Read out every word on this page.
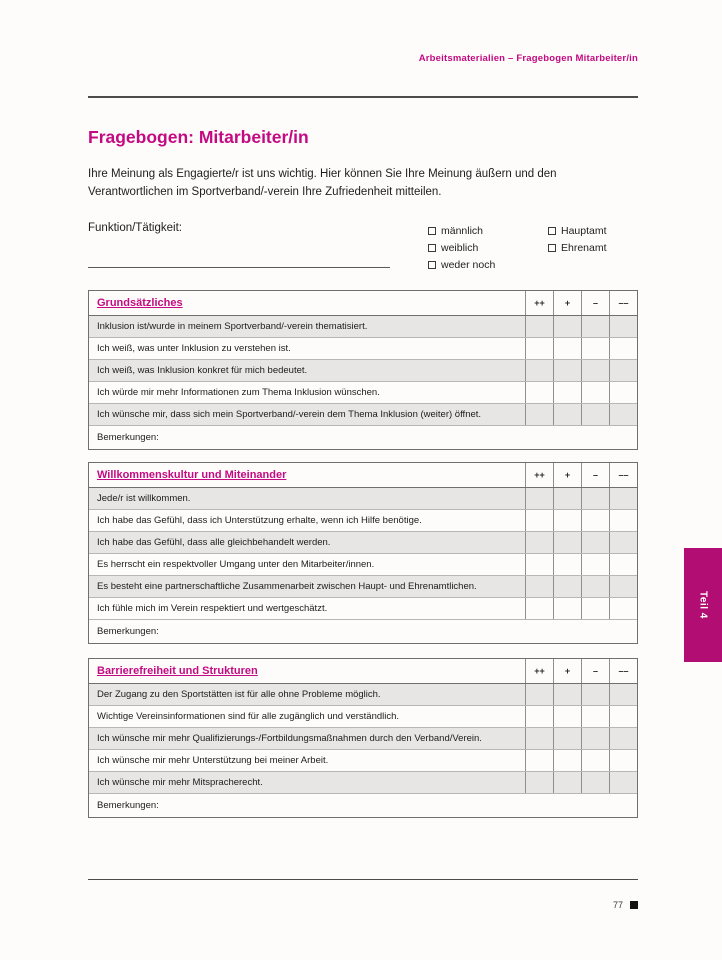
Arbeitsmaterialien – Fragebogen Mitarbeiter/in
Fragebogen: Mitarbeiter/in

Ihre Meinung als Engagierte/r ist uns wichtig. Hier können Sie Ihre Meinung äußern und den Verantwortlichen im Sportverband/-verein Ihre Zufriedenheit mitteilen.

Funktion/Tätigkeit:	männlich
weiblich
weder noch
Hauptamt
Ehrenamt
Grundsätzliches	++	+	–	––
Inklusion ist/wurde in meinem Sportverband/-verein thematisiert.
Ich weiß, was unter Inklusion zu verstehen ist.
Ich weiß, was Inklusion konkret für mich bedeutet.
Ich würde mir mehr Informationen zum Thema Inklusion wünschen.
Ich wünsche mir, dass sich mein Sportverband/-verein dem Thema Inklusion (weiter) öffnet.
Bemerkungen:
Willkommenskultur und Miteinander	++	+	–	––
Jede/r ist willkommen.
Ich habe das Gefühl, dass ich Unterstützung erhalte, wenn ich Hilfe benötige.
Ich habe das Gefühl, dass alle gleichbehandelt werden.
Es herrscht ein respektvoller Umgang unter den Mitarbeiter/innen.
Es besteht eine partnerschaftliche Zusammenarbeit zwischen Haupt- und Ehrenamtlichen.
Ich fühle mich im Verein respektiert und wertgeschätzt.
Bemerkungen:
Barrierefreiheit und Strukturen	++	+	–	––
Der Zugang zu den Sportstätten ist für alle ohne Probleme möglich.
Wichtige Vereinsinformationen sind für alle zugänglich und verständlich.
Ich wünsche mir mehr Qualifizierungs-/Fortbildungsmaßnahmen durch den Verband/Verein.
Ich wünsche mir mehr Unterstützung bei meiner Arbeit.
Ich wünsche mir mehr Mitspracherecht.
Bemerkungen:
Teil 4
77
